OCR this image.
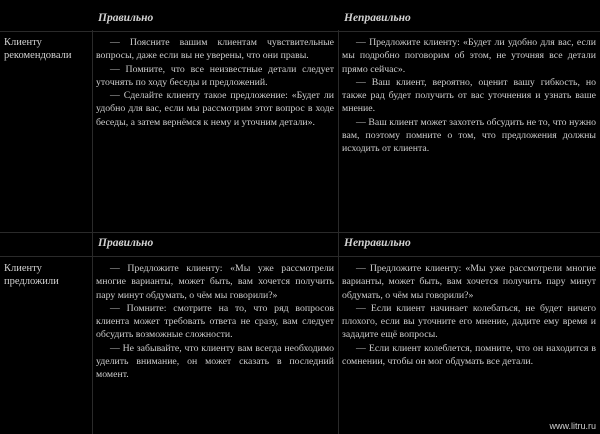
Правильно	Неправильно
Клиенту рекомендовали

— Поясните вашим клиентам чувствительные вопросы, даже если вы не уверены, что они правы.

— Помните, что все неизвестные детали следует уточнять по ходу беседы и предложений.

— Сделайте клиенту такое предложение: «Будет ли удобно для вас, если мы рассмотрим этот вопрос в ходе беседы, а затем вернёмся к нему и уточним детали».

— Предложите клиенту: «Будет ли удобно для вас, если мы подробно поговорим об этом, не уточняя все детали прямо сейчас».

— Ваш клиент, вероятно, оценит вашу гибкость, но также рад будет получить от вас уточнения и узнать ваше мнение.

— Ваш клиент может захотеть обсудить не то, что нужно вам, поэтому помните о том, что предложения должны исходить от клиента.

Правильно	Неправильно
Клиенту предложили

— Предложите клиенту: «Мы уже рассмотрели многие варианты, может быть, вам хочется получить пару минут обдумать, о чём мы говорили?»

— Помните: смотрите на то, что ряд вопросов клиента может требовать ответа не сразу, вам следует обсудить возможные сложности.

— Не забывайте, что клиенту вам всегда необходимо уделить внимание, он может сказать в последний момент.

— Предложите клиенту: «Мы уже рассмотрели многие варианты, может быть, вам хочется получить пару минут обдумать, о чём мы говорили?»

— Если клиент начинает колебаться, не будет ничего плохого, если вы уточните его мнение, дадите ему время и зададите ещё вопросы.

— Если клиент колеблется, помните, что он находится в сомнении, чтобы он мог обдумать все детали.

www.litru.ru
